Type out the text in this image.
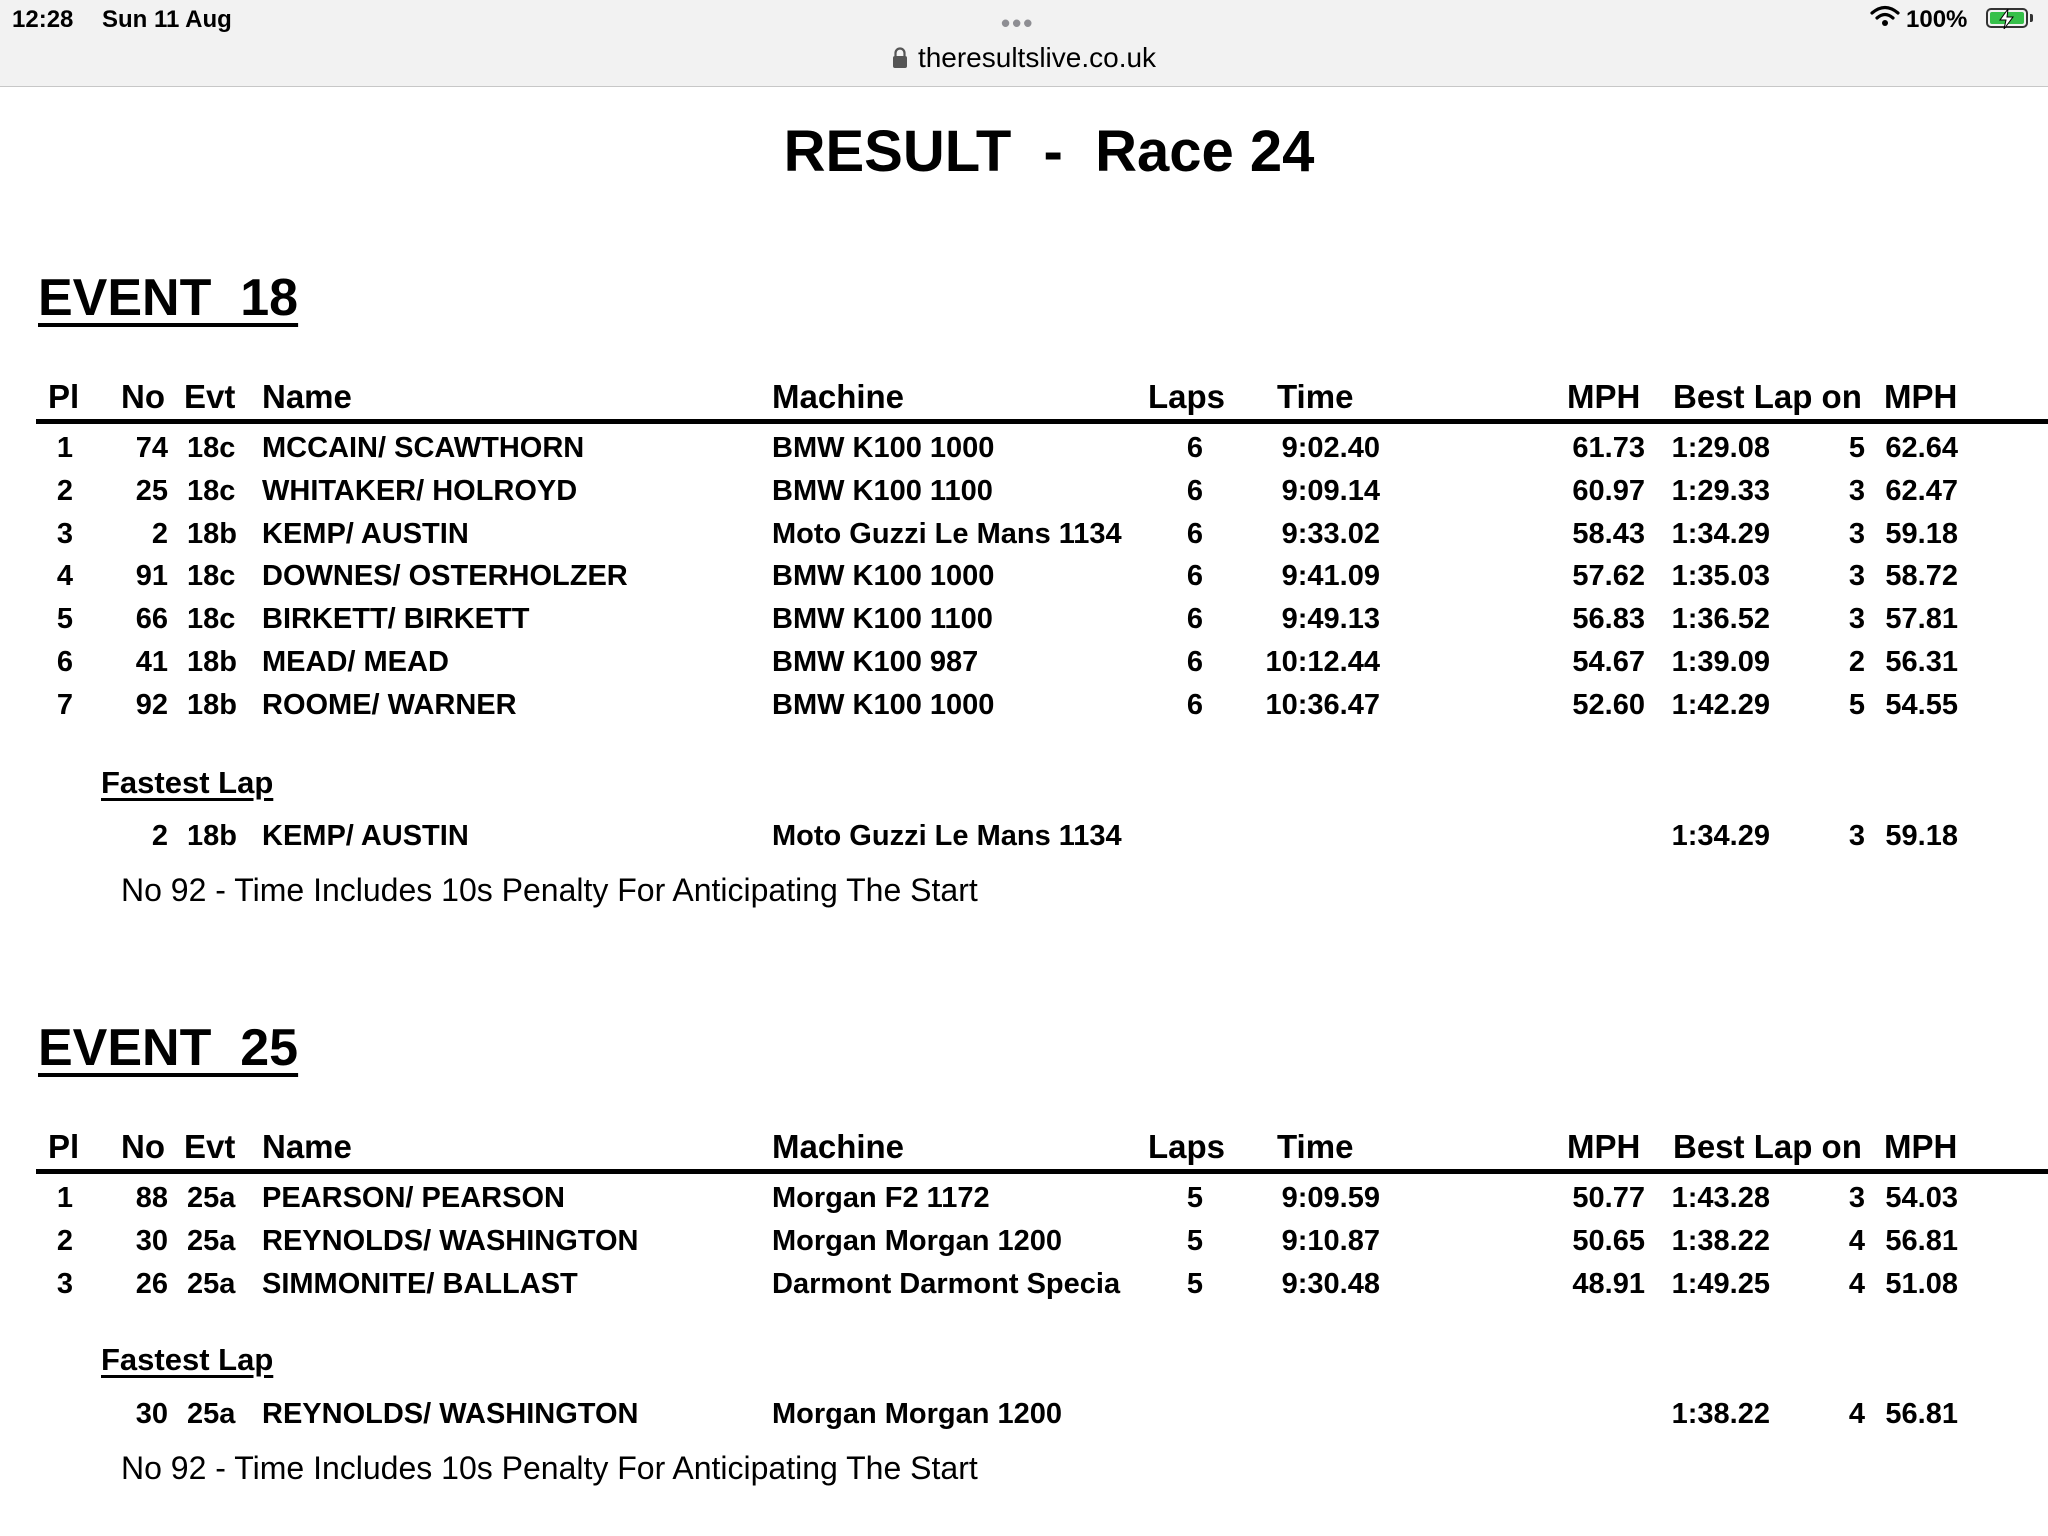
12:28 Sun 11 Aug	•••	100%
theresultslive.co.uk
RESULT  -  Race 24
EVENT  18
Pl No Evt Name	Machine	Laps Time	MPH Best Lap on MPH
1	74 18c MCCAIN/ SCAWTHORN	BMW K100 1000	6	9:02.40	61.73 1:29.08	5 62.64
2	25 18c WHITAKER/ HOLROYD	BMW K100 1100	6	9:09.14	60.97 1:29.33	3 62.47
3	2 18b KEMP/ AUSTIN	Moto Guzzi Le Mans 1134	6	9:33.02	58.43 1:34.29	3 59.18
4	91 18c DOWNES/ OSTERHOLZER	BMW K100 1000	6	9:41.09	57.62 1:35.03	3 58.72
5	66 18c BIRKETT/ BIRKETT	BMW K100 1100	6	9:49.13	56.83 1:36.52	3 57.81
6	41 18b MEAD/ MEAD	BMW K100 987	6	10:12.44	54.67 1:39.09	2 56.31
7	92 18b ROOME/ WARNER	BMW K100 1000	6	10:36.47	52.60 1:42.29	5 54.55
Fastest Lap
2 18b KEMP/ AUSTIN	Moto Guzzi Le Mans 1134	1:34.29	3 59.18
No 92 - Time Includes 10s Penalty For Anticipating The Start
EVENT  25
Pl No Evt Name	Machine	Laps Time	MPH Best Lap on MPH
1	88 25a PEARSON/ PEARSON	Morgan F2 1172	5	9:09.59	50.77 1:43.28	3 54.03
2	30 25a REYNOLDS/ WASHINGTON	Morgan Morgan 1200	5	9:10.87	50.65 1:38.22	4 56.81
3	26 25a SIMMONITE/ BALLAST	Darmont Darmont Specia	5	9:30.48	48.91 1:49.25	4 51.08
Fastest Lap
30 25a REYNOLDS/ WASHINGTON	Morgan Morgan 1200	1:38.22	4 56.81
No 92 - Time Includes 10s Penalty For Anticipating The Start
